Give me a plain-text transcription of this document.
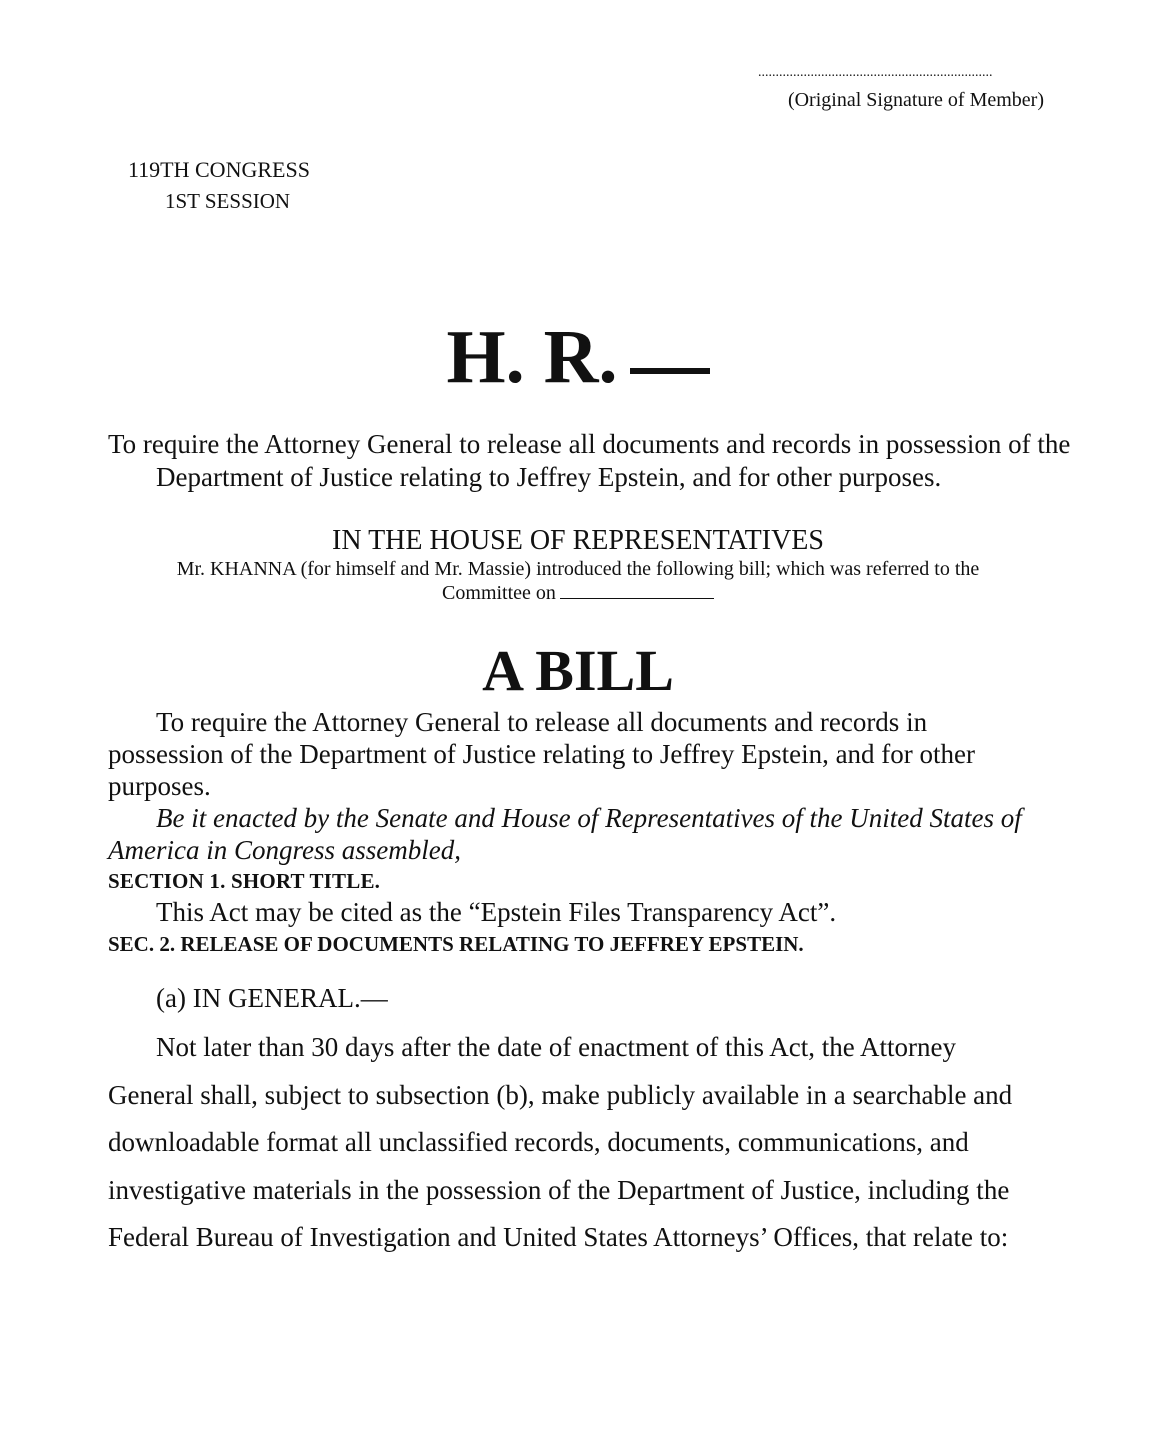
...................................................................
(Original Signature of Member)
119TH CONGRESS
1ST SESSION
H. R.
To require the Attorney General to release all documents and records in possession of the Department of Justice relating to Jeffrey Epstein, and for other purposes.
IN THE HOUSE OF REPRESENTATIVES
Mr. KHANNA (for himself and Mr. Massie) introduced the following bill; which was referred to the Committee on
A BILL

To require the Attorney General to release all documents and records in possession of the Department of Justice relating to Jeffrey Epstein, and for other purposes.

Be it enacted by the Senate and House of Representatives of the United States of America in Congress assembled,

SECTION 1. SHORT TITLE.

This Act may be cited as the “Epstein Files Transparency Act”.

SEC. 2. RELEASE OF DOCUMENTS RELATING TO JEFFREY EPSTEIN.

(a) IN GENERAL.—

Not later than 30 days after the date of enactment of this Act, the Attorney General shall, subject to subsection (b), make publicly available in a searchable and downloadable format all unclassified records, documents, communications, and investigative materials in the possession of the Department of Justice, including the Federal Bureau of Investigation and United States Attorneys’ Offices, that relate to:
